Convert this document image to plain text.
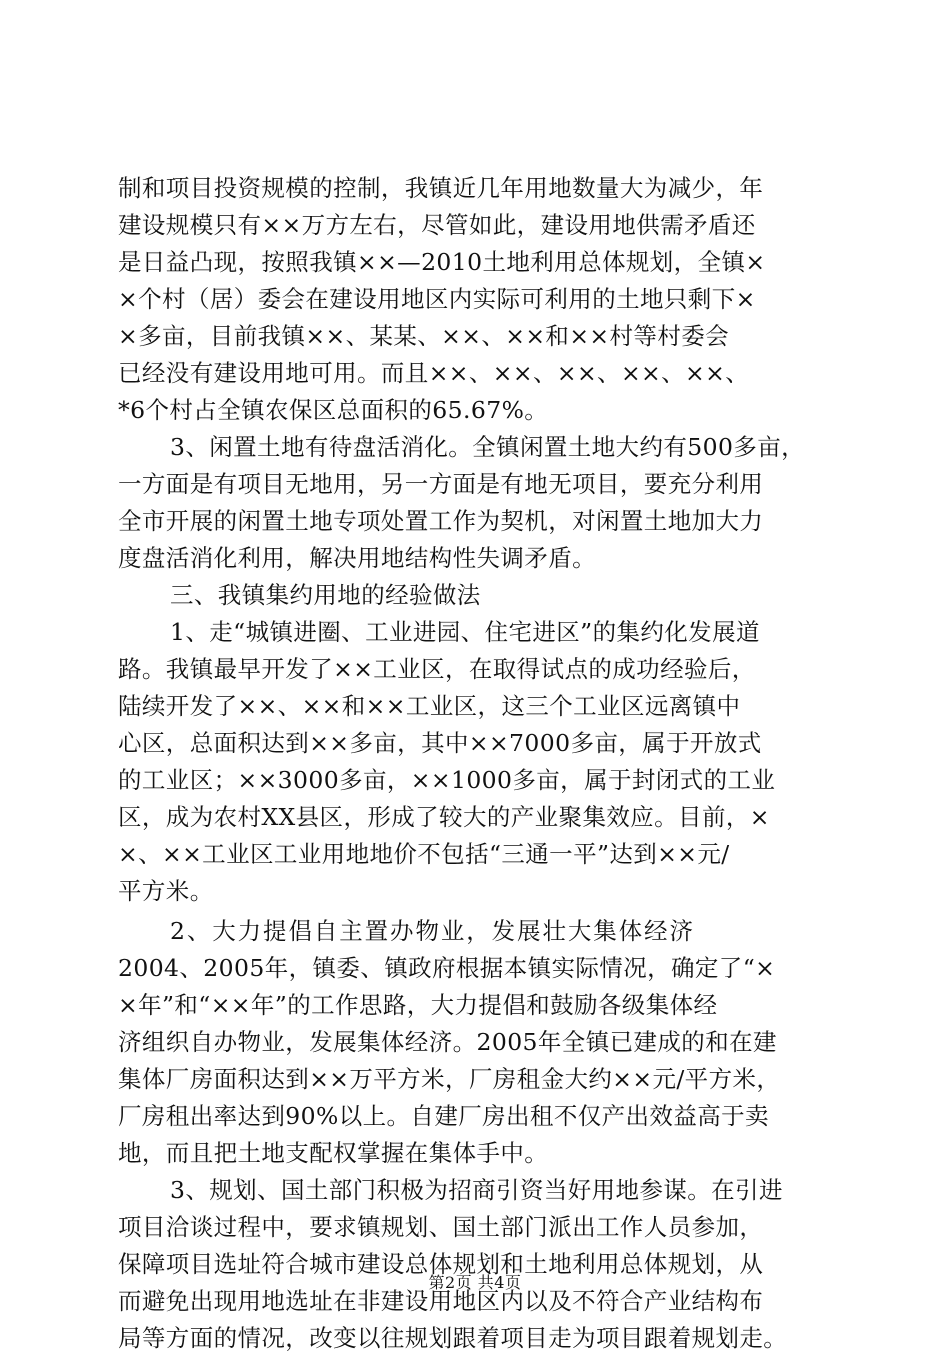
制和项目投资规模的控制，我镇近几年用地数量大为减少，年
建设规模只有××万方左右，尽管如此，建设用地供需矛盾还
是日益凸现，按照我镇××—2010土地利用总体规划，全镇×
×个村（居）委会在建设用地区内实际可利用的土地只剩下×
×多亩，目前我镇××、某某、××、××和××村等村委会
已经没有建设用地可用。而且××、××、××、××、××、
*6个村占全镇农保区总面积的65.67%。
3、闲置土地有待盘活消化。全镇闲置土地大约有500多亩，
一方面是有项目无地用，另一方面是有地无项目，要充分利用
全市开展的闲置土地专项处置工作为契机，对闲置土地加大力
度盘活消化利用，解决用地结构性失调矛盾。
三、我镇集约用地的经验做法
1、走“城镇进圈、工业进园、住宅进区”的集约化发展道
路。我镇最早开发了××工业区，在取得试点的成功经验后，
陆续开发了××、××和××工业区，这三个工业区远离镇中
心区，总面积达到××多亩，其中××7000多亩，属于开放式
的工业区；××3000多亩，××1000多亩，属于封闭式的工业
区，成为农村XX县区，形成了较大的产业聚集效应。目前，×
×、××工业区工业用地地价不包括“三通一平”达到××元/
平方米。
2、大力提倡自主置办物业，发展壮大集体经济
2004、2005年，镇委、镇政府根据本镇实际情况，确定了“×
×年”和“××年”的工作思路，大力提倡和鼓励各级集体经
济组织自办物业，发展集体经济。2005年全镇已建成的和在建
集体厂房面积达到××万平方米，厂房租金大约××元/平方米，
厂房租出率达到90%以上。自建厂房出租不仅产出效益高于卖
地，而且把土地支配权掌握在集体手中。
3、规划、国土部门积极为招商引资当好用地参谋。在引进
项目洽谈过程中，要求镇规划、国土部门派出工作人员参加，
保障项目选址符合城市建设总体规划和土地利用总体规划，从
而避免出现用地选址在非建设用地区内以及不符合产业结构布
局等方面的情况，改变以往规划跟着项目走为项目跟着规划走。
第2页 共4页
